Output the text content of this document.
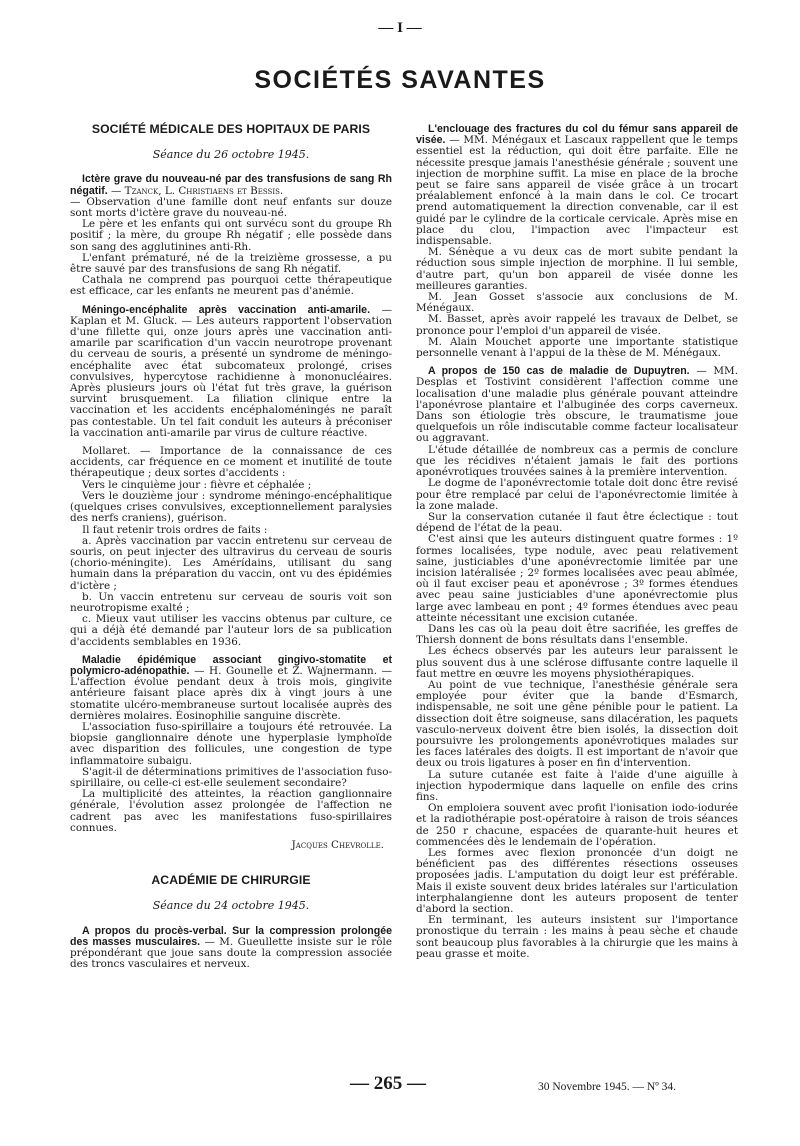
— I —
SOCIÉTÉS SAVANTES
SOCIÉTÉ MÉDICALE DES HOPITAUX DE PARIS
Séance du 26 octobre 1945.

Ictère grave du nouveau-né par des transfusions de sang Rh négatif. — Tzanck, L. Christiaens et Bessis.

— Observation d'une famille dont neuf enfants sur douze sont morts d'ictère grave du nouveau-né.

Le père et les enfants qui ont survécu sont du groupe Rh positif ; la mère, du groupe Rh négatif ; elle possède dans son sang des agglutinines anti-Rh.

L'enfant prématuré, né de la treizième grossesse, a pu être sauvé par des transfusions de sang Rh négatif.

Cathala ne comprend pas pourquoi cette thérapeutique est efficace, car les enfants ne meurent pas d'anémie.

Méningo-encéphalite après vaccination anti-amarile. — Kaplan et M. Gluck. — Les auteurs rapportent l'observation d'une fillette qui, onze jours après une vaccination anti-amarile par scarification d'un vaccin neurotrope provenant du cerveau de souris, a présenté un syndrome de méningo-encéphalite avec état subcomateux prolongé, crises convulsives, hypercytose rachidienne à mononucléaires. Après plusieurs jours où l'état fut très grave, la guérison survint brusquement. La filiation clinique entre la vaccination et les accidents encéphaloméningés ne paraît pas contestable. Un tel fait conduit les auteurs à préconiser la vaccination anti-amarile par virus de culture réactive.

Mollaret. — Importance de la connaissance de ces accidents, car fréquence en ce moment et inutilité de toute thérapeutique ; deux sortes d'accidents :

Vers le cinquième jour : fièvre et céphalée ;

Vers le douzième jour : syndrome méningo-encéphalitique (quelques crises convulsives, exceptionnellement paralysies des nerfs craniens), guérison.

Il faut retenir trois ordres de faits :

a. Après vaccination par vaccin entretenu sur cerveau de souris, on peut injecter des ultravirus du cerveau de souris (chorio-méningite). Les Amérídains, utilisant du sang humain dans la préparation du vaccin, ont vu des épidémies d'ictère ;

b. Un vaccin entretenu sur cerveau de souris voit son neurotropisme exalté ;

c. Mieux vaut utiliser les vaccins obtenus par culture, ce qui a déjà été demandé par l'auteur lors de sa publication d'accidents semblables en 1936.

Maladie épidémique associant gingivo-stomatite et polymicro-adénopathie. — H. Gounelle et Z. Wajnermann. — L'affection évolue pendant deux à trois mois, gingivite antérieure faisant place après dix à vingt jours à une stomatite ulcéro-membraneuse surtout localisée auprès des dernières molaires. Éosinophilie sanguine discrète.

L'association fuso-spirillaire a toujours été retrouvée. La biopsie ganglionnaire dénote une hyperplasie lymphoïde avec disparition des follicules, une congestion de type inflammatoire subaigu.

S'agit-il de déterminations primitives de l'association fuso-spirillaire, ou celle-ci est-elle seulement secondaire?

La multiplicité des atteintes, la réaction ganglionnaire générale, l'évolution assez prolongée de l'affection ne cadrent pas avec les manifestations fuso-spirillaires connues.

Jacques Chevrolle.
ACADÉMIE DE CHIRURGIE
Séance du 24 octobre 1945.

A propos du procès-verbal. Sur la compression prolongée des masses musculaires. — M. Gueullette insiste sur le rôle prépondérant que joue sans doute la compression associée des troncs vasculaires et nerveux.

L'enclouage des fractures du col du fémur sans appareil de visée. — MM. Ménégaux et Lascaux rappellent que le temps essentiel est la réduction, qui doit être parfaite. Elle ne nécessite presque jamais l'anesthésie générale ; souvent une injection de morphine suffit. La mise en place de la broche peut se faire sans appareil de visée grâce à un trocart préalablement enfoncé à la main dans le col. Ce trocart prend automatiquement la direction convenable, car il est guidé par le cylindre de la corticale cervicale. Après mise en place du clou, l'impaction avec l'impacteur est indispensable.

M. Sénèque a vu deux cas de mort subite pendant la réduction sous simple injection de morphine. Il lui semble, d'autre part, qu'un bon appareil de visée donne les meilleures garanties.

M. Jean Gosset s'associe aux conclusions de M. Ménégaux.

M. Basset, après avoir rappelé les travaux de Delbet, se prononce pour l'emploi d'un appareil de visée.

M. Alain Mouchet apporte une importante statistique personnelle venant à l'appui de la thèse de M. Ménégaux.

A propos de 150 cas de maladie de Dupuytren. — MM. Desplas et Tostivint considèrent l'affection comme une localisation d'une maladie plus générale pouvant atteindre l'aponévrose plantaire et l'albuginée des corps caverneux. Dans son étiologie très obscure, le traumatisme joue quelquefois un rôle indiscutable comme facteur localisateur ou aggravant.

L'étude détaillée de nombreux cas a permis de conclure que les récidives n'étaient jamais le fait des portions aponévrotiques trouvées saines à la première intervention.

Le dogme de l'aponévrectomie totale doit donc être revisé pour être remplacé par celui de l'aponévrectomie limitée à la zone malade.

Sur la conservation cutanée il faut être éclectique : tout dépend de l'état de la peau.

C'est ainsi que les auteurs distinguent quatre formes : 1º formes localisées, type nodule, avec peau relativement saine, justiciables d'une aponévrectomie limitée par une incision latéralisée ; 2º formes localisées avec peau abîmée, où il faut exciser peau et aponévrose ; 3º formes étendues avec peau saine justiciables d'une aponévrectomie plus large avec lambeau en pont ; 4º formes étendues avec peau atteinte nécessitant une excision cutanée.

Dans les cas où la peau doit être sacrifiée, les greffes de Thiersh donnent de bons résultats dans l'ensemble.

Les échecs observés par les auteurs leur paraissent le plus souvent dus à une sclérose diffusante contre laquelle il faut mettre en œuvre les moyens physiothérapiques.

Au point de vue technique, l'anesthésie générale sera employée pour éviter que la bande d'Esmarch, indispensable, ne soit une gêne pénible pour le patient. La dissection doit être soigneuse, sans dilacération, les paquets vasculo-nerveux doivent être bien isolés, la dissection doit poursuivre les prolongements aponévrotiques malades sur les faces latérales des doigts. Il est important de n'avoir que deux ou trois ligatures à poser en fin d'intervention.

La suture cutanée est faite à l'aide d'une aiguille à injection hypodermique dans laquelle on enfile des crins fins.

On emploiera souvent avec profit l'ionisation iodo-iodurée et la radiothérapie post-opératoire à raison de trois séances de 250 r chacune, espacées de quarante-huit heures et commencées dès le lendemain de l'opération.

Les formes avec flexion prononcée d'un doigt ne bénéficient pas des différentes résections osseuses proposées jadis. L'amputation du doigt leur est préférable. Mais il existe souvent deux brides latérales sur l'articulation interphalangienne dont les auteurs proposent de tenter d'abord la section.

En terminant, les auteurs insistent sur l'importance pronostique du terrain : les mains à peau sèche et chaude sont beaucoup plus favorables à la chirurgie que les mains à peau grasse et moite.

— 265 —	30 Novembre 1945. — Nº 34.
